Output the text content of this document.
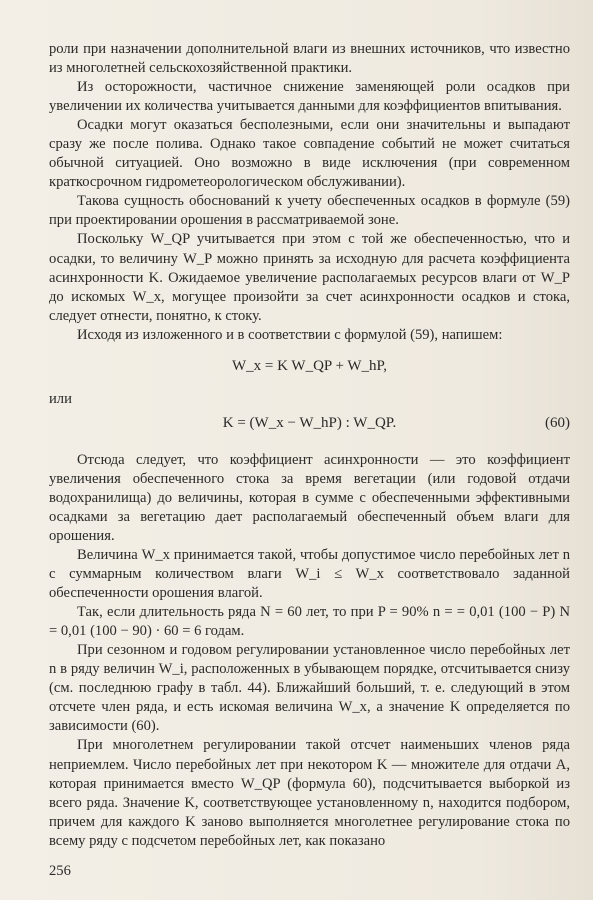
роли при назначении дополнительной влаги из внешних источников, что известно из многолетней сельскохозяйственной практики.

Из осторожности, частичное снижение заменяющей роли осадков при увеличении их количества учитывается данными для коэффициентов впитывания.

Осадки могут оказаться бесполезными, если они значительны и выпадают сразу же после полива. Однако такое совпадение событий не может считаться обычной ситуацией. Оно возможно в виде исключения (при современном краткосрочном гидрометеорологическом обслуживании).

Такова сущность обоснований к учету обеспеченных осадков в формуле (59) при проектировании орошения в рассматриваемой зоне.

Поскольку W_QP учитывается при этом с той же обеспеченностью, что и осадки, то величину W_P можно принять за исходную для расчета коэффициента асинхронности K. Ожидаемое увеличение располагаемых ресурсов влаги от W_P до искомых W_x, могущее произойти за счет асинхронности осадков и стока, следует отнести, понятно, к стоку.

Исходя из изложенного и в соответствии с формулой (59), напишем:

W_x = K W_QP + W_hP,

или

K = (W_x − W_hP) : W_QP.	(60)

Отсюда следует, что коэффициент асинхронности — это коэффициент увеличения обеспеченного стока за время вегетации (или годовой отдачи водохранилища) до величины, которая в сумме с обеспеченными эффективными осадками за вегетацию дает располагаемый обеспеченный объем влаги для орошения.

Величина W_x принимается такой, чтобы допустимое число перебойных лет n с суммарным количеством влаги W_i ≤ W_x соответствовало заданной обеспеченности орошения влагой.

Так, если длительность ряда N = 60 лет, то при P = 90% n = = 0,01 (100 − P) N = 0,01 (100 − 90) · 60 = 6 годам.

При сезонном и годовом регулировании установленное число перебойных лет n в ряду величин W_i, расположенных в убывающем порядке, отсчитывается снизу (см. последнюю графу в табл. 44). Ближайший больший, т. е. следующий в этом отсчете член ряда, и есть искомая величина W_x, а значение K определяется по зависимости (60).

При многолетнем регулировании такой отсчет наименьших членов ряда неприемлем. Число перебойных лет при некотором K — множителе для отдачи A, которая принимается вместо W_QP (формула 60), подсчитывается выборкой из всего ряда. Значение K, соответствующее установленному n, находится подбором, причем для каждого K заново выполняется многолетнее регулирование стока по всему ряду с подсчетом перебойных лет, как показано

256
